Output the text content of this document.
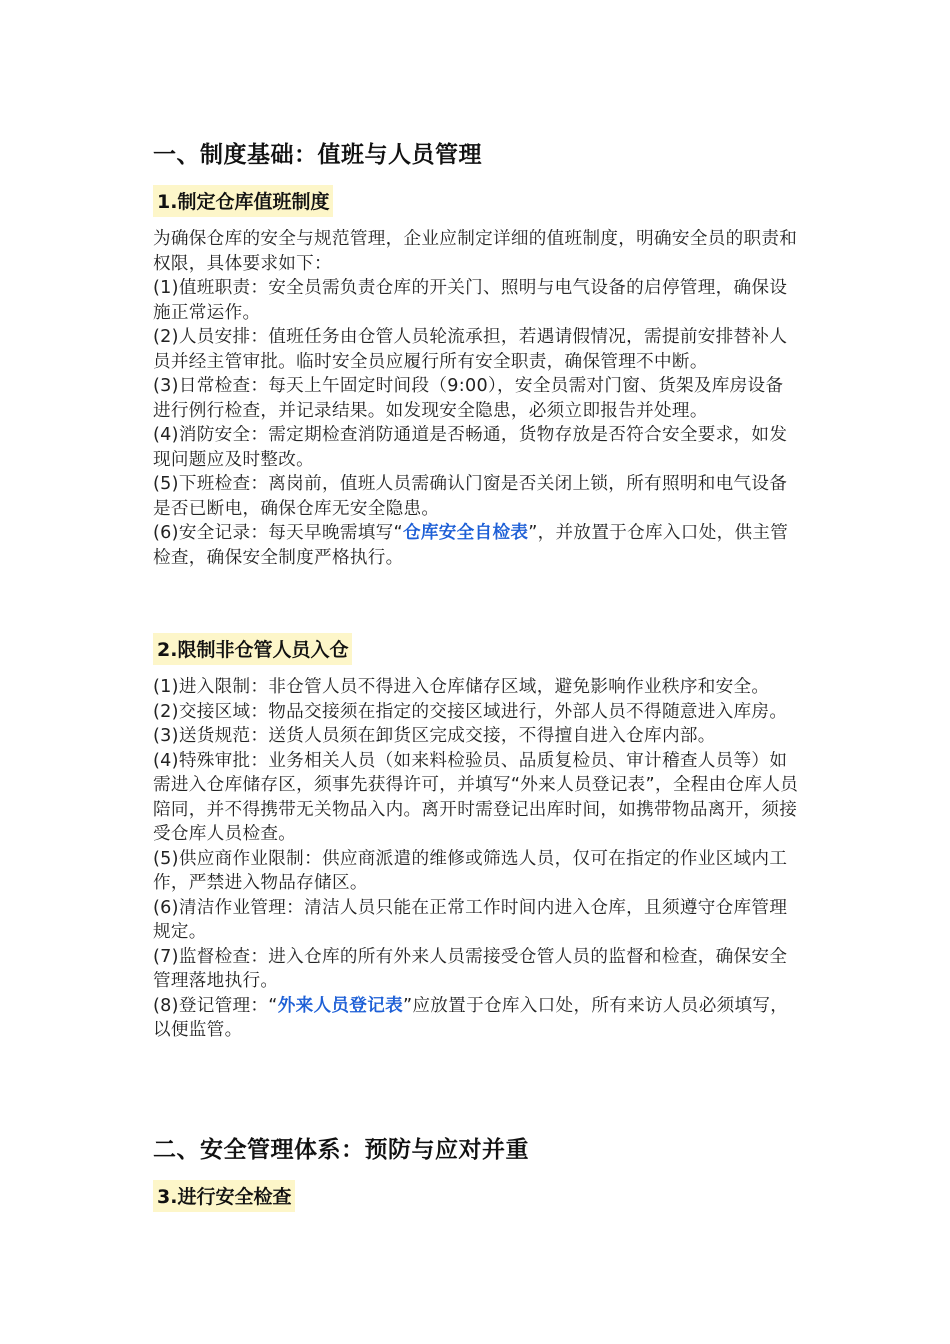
一、制度基础：值班与人员管理
1.制定仓库值班制度

为确保仓库的安全与规范管理，企业应制定详细的值班制度，明确安全员的职责和权限，具体要求如下：

(1)值班职责：安全员需负责仓库的开关门、照明与电气设备的启停管理，确保设施正常运作。

(2)人员安排：值班任务由仓管人员轮流承担，若遇请假情况，需提前安排替补人员并经主管审批。临时安全员应履行所有安全职责，确保管理不中断。

(3)日常检查：每天上午固定时间段（9:00），安全员需对门窗、货架及库房设备进行例行检查，并记录结果。如发现安全隐患，必须立即报告并处理。

(4)消防安全：需定期检查消防通道是否畅通，货物存放是否符合安全要求，如发现问题应及时整改。

(5)下班检查：离岗前，值班人员需确认门窗是否关闭上锁，所有照明和电气设备是否已断电，确保仓库无安全隐患。

(6)安全记录：每天早晚需填写“仓库安全自检表”，并放置于仓库入口处，供主管检查，确保安全制度严格执行。

2.限制非仓管人员入仓

(1)进入限制：非仓管人员不得进入仓库储存区域，避免影响作业秩序和安全。

(2)交接区域：物品交接须在指定的交接区域进行，外部人员不得随意进入库房。

(3)送货规范：送货人员须在卸货区完成交接，不得擅自进入仓库内部。

(4)特殊审批：业务相关人员（如来料检验员、品质复检员、审计稽查人员等）如需进入仓库储存区，须事先获得许可，并填写“外来人员登记表”，全程由仓库人员陪同，并不得携带无关物品入内。离开时需登记出库时间，如携带物品离开，须接受仓库人员检查。

(5)供应商作业限制：供应商派遣的维修或筛选人员，仅可在指定的作业区域内工作，严禁进入物品存储区。

(6)清洁作业管理：清洁人员只能在正常工作时间内进入仓库，且须遵守仓库管理规定。

(7)监督检查：进入仓库的所有外来人员需接受仓管人员的监督和检查，确保安全管理落地执行。

(8)登记管理：“外来人员登记表”应放置于仓库入口处，所有来访人员必须填写，以便监管。

二、安全管理体系：预防与应对并重
3.进行安全检查
